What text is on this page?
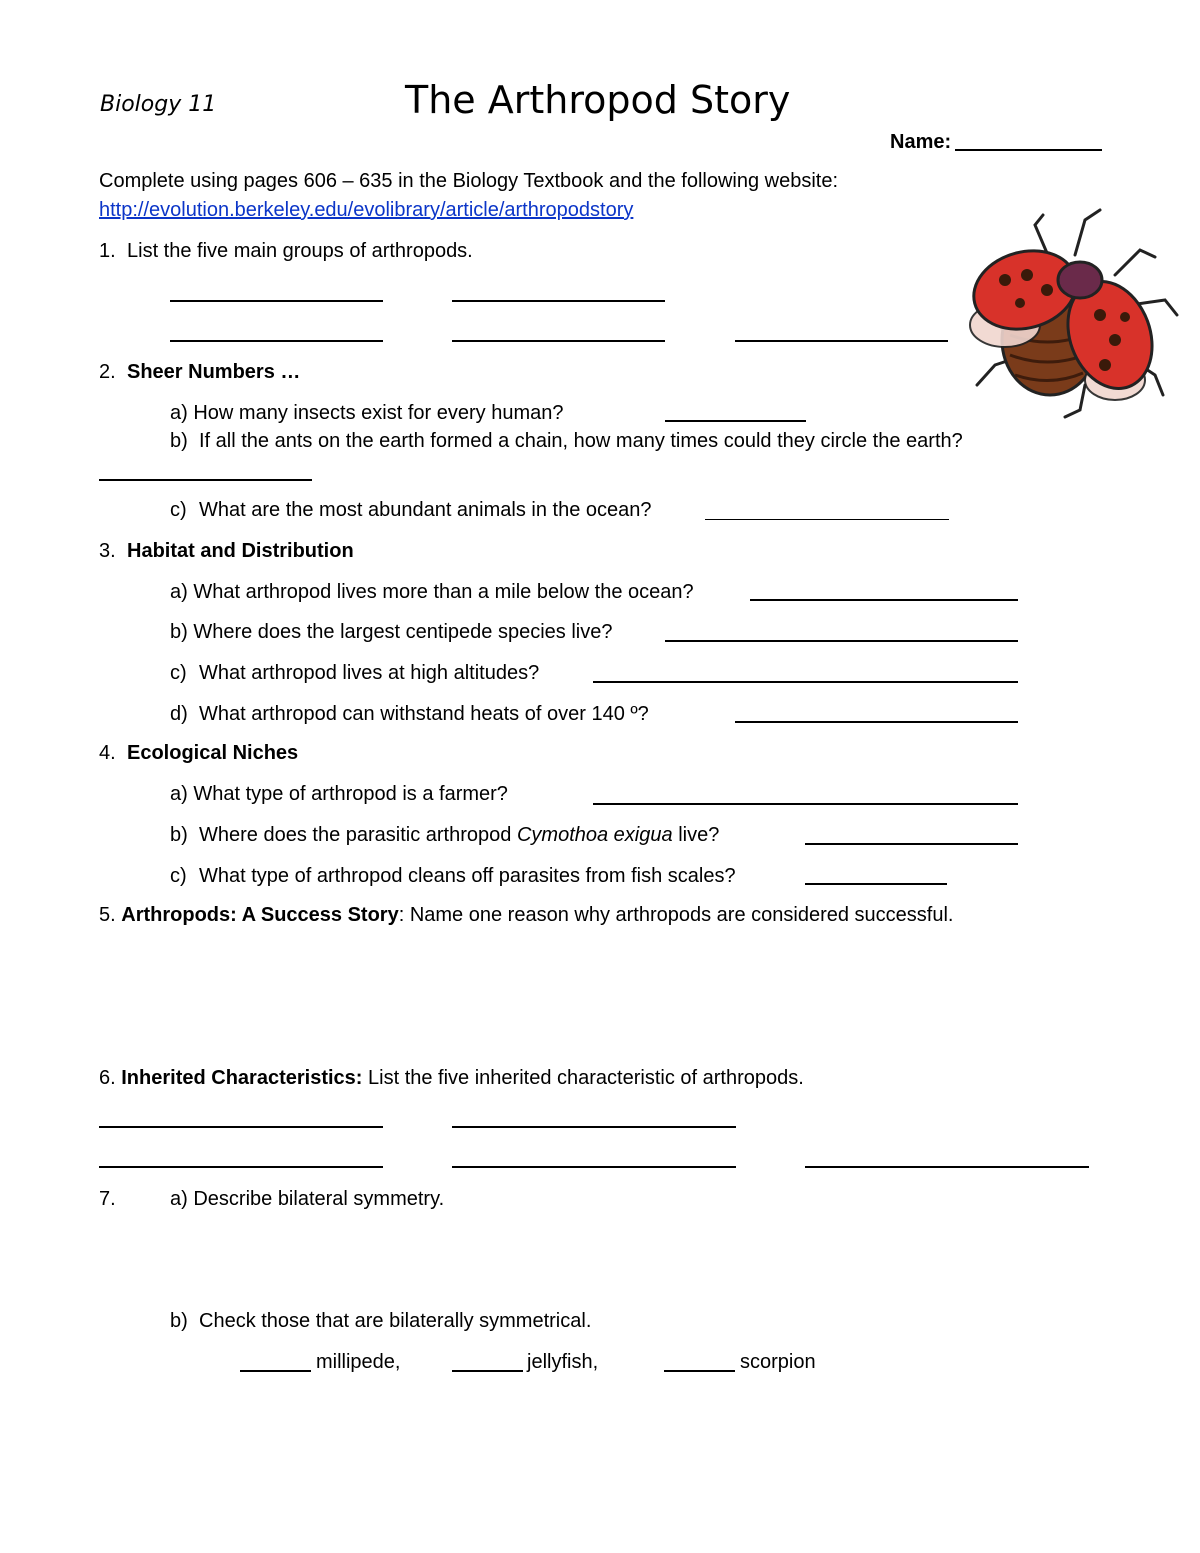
Biology 11	The Arthropod Story
Name:
Complete using pages 606 – 635 in the Biology Textbook and the following website:
http://evolution.berkeley.edu/evolibrary/article/arthropodstory
1. List the five main groups of arthropods.
2. Sheer Numbers …
a) How many insects exist for every human?
b) If all the ants on the earth formed a chain, how many times could they circle the earth?
c) What are the most abundant animals in the ocean?
3. Habitat and Distribution
a) What arthropod lives more than a mile below the ocean?
b) Where does the largest centipede species live?
c) What arthropod lives at high altitudes?
d) What arthropod can withstand heats of over 140 º?
4. Ecological Niches
a) What type of arthropod is a farmer?
b) Where does the parasitic arthropod Cymothoa exigua live?
c) What type of arthropod cleans off parasites from fish scales?
5. Arthropods: A Success Story: Name one reason why arthropods are considered successful.
6. Inherited Characteristics: List the five inherited characteristic of arthropods.
7.	a) Describe bilateral symmetry.
b) Check those that are bilaterally symmetrical.
millipede,	jellyfish,	scorpion
